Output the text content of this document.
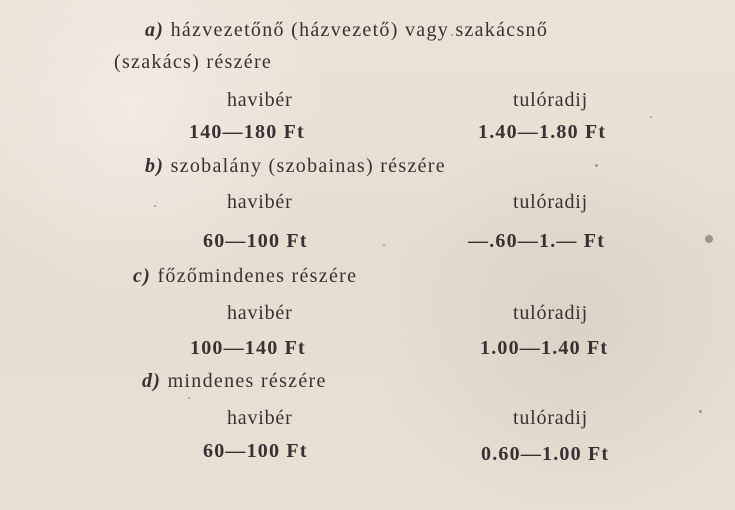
a) házvezetőnő (házvezető) vagy szakácsnő
(szakács) részére
havibér	tulóradij
140—180 Ft	1.40—1.80 Ft
b) szobalány (szobainas) részére
havibér	tulóradij
60—100 Ft	—.60—1.— Ft
c) főzőmindenes részére
havibér	tulóradij
100—140 Ft	1.00—1.40 Ft
d) mindenes részére
havibér	tulóradij
60—100 Ft	0.60—1.00 Ft
